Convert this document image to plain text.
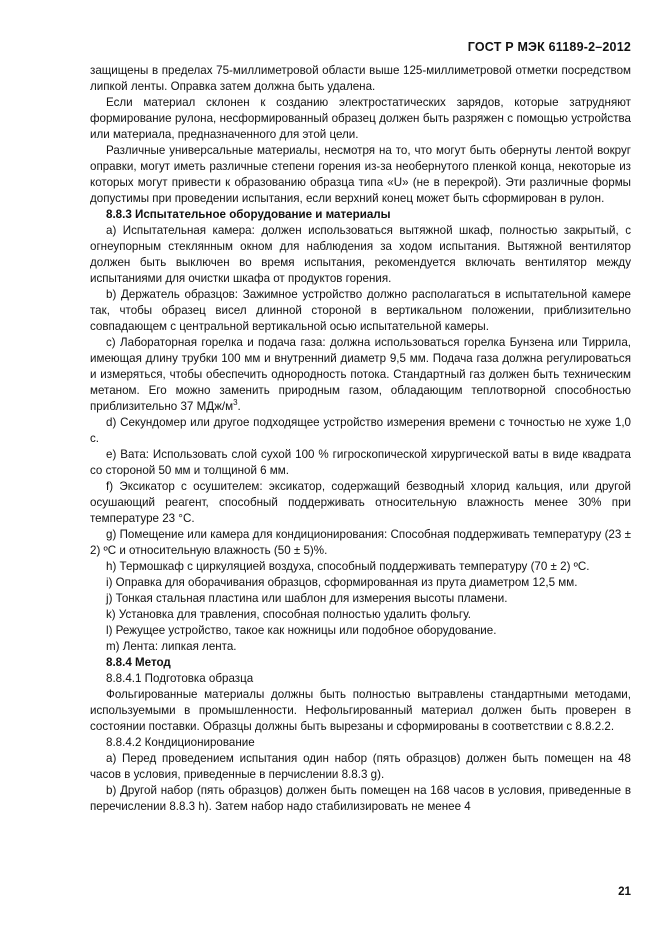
ГОСТ Р МЭК 61189-2–2012

защищены в пределах 75-миллиметровой области выше 125-миллиметровой отметки посредством липкой ленты. Оправка затем должна быть удалена.

Если материал склонен к созданию электростатических зарядов, которые затрудняют формирование рулона, несформированный образец должен быть разряжен с помощью устройства или материала, предназначенного для этой цели.

Различные универсальные материалы, несмотря на то, что могут быть обернуты лентой вокруг оправки, могут иметь различные степени горения из-за необернутого пленкой конца, некоторые из которых могут привести к образованию образца типа «U» (не в перекрой). Эти различные формы допустимы при проведении испытания, если верхний конец может быть сформирован в рулон.

8.8.3 Испытательное оборудование и материалы

a) Испытательная камера: должен использоваться вытяжной шкаф, полностью закрытый, с огнеупорным стеклянным окном для наблюдения за ходом испытания. Вытяжной вентилятор должен быть выключен во время испытания, рекомендуется включать вентилятор между испытаниями для очистки шкафа от продуктов горения.

b) Держатель образцов: Зажимное устройство должно располагаться в испытательной камере так, чтобы образец висел длинной стороной в вертикальном положении, приблизительно совпадающем с центральной вертикальной осью испытательной камеры.

c) Лабораторная горелка и подача газа: должна использоваться горелка Бунзена или Тиррила, имеющая длину трубки 100 мм и внутренний диаметр 9,5 мм. Подача газа должна регулироваться и измеряться, чтобы обеспечить однородность потока. Стандартный газ должен быть техническим метаном. Его можно заменить природным газом, обладающим теплотворной способностью приблизительно 37 МДж/$м^3$.

d) Секундомер или другое подходящее устройство измерения времени с точностью не хуже 1,0 с.

e) Вата: Использовать слой сухой 100 % гигроскопической хирургической ваты в виде квадрата со стороной 50 мм и толщиной 6 мм.

f) Эксикатор с осушителем: эксикатор, содержащий безводный хлорид кальция, или другой осушающий реагент, способный поддерживать относительную влажность менее 30% при температуре 23 °С.

g) Помещение или камера для кондиционирования: Способная поддерживать температуру (23 ± 2) ºС и относительную влажность (50 ± 5)%.

h) Термошкаф с циркуляцией воздуха, способный поддерживать температуру (70 ± 2) ºС.

i) Оправка для оборачивания образцов, сформированная из прута диаметром 12,5 мм.

j) Тонкая стальная пластина или шаблон для измерения высоты пламени.

k) Установка для травления, способная полностью удалить фольгу.

l) Режущее устройство, такое как ножницы или подобное оборудование.

m) Лента: липкая лента.

8.8.4 Метод

8.8.4.1 Подготовка образца

Фольгированные материалы должны быть полностью вытравлены стандартными методами, используемыми в промышленности. Нефольгированный материал должен быть проверен в состоянии поставки. Образцы должны быть вырезаны и сформированы в соответствии с 8.8.2.2.

8.8.4.2 Кондиционирование

a) Перед проведением испытания один набор (пять образцов) должен быть помещен на 48 часов в условия, приведенные в перчислении 8.8.3 g).

b) Другой набор (пять образцов) должен быть помещен на 168 часов в условия, приведенные в перечислении 8.8.3 h). Затем набор надо стабилизировать не менее 4

21
